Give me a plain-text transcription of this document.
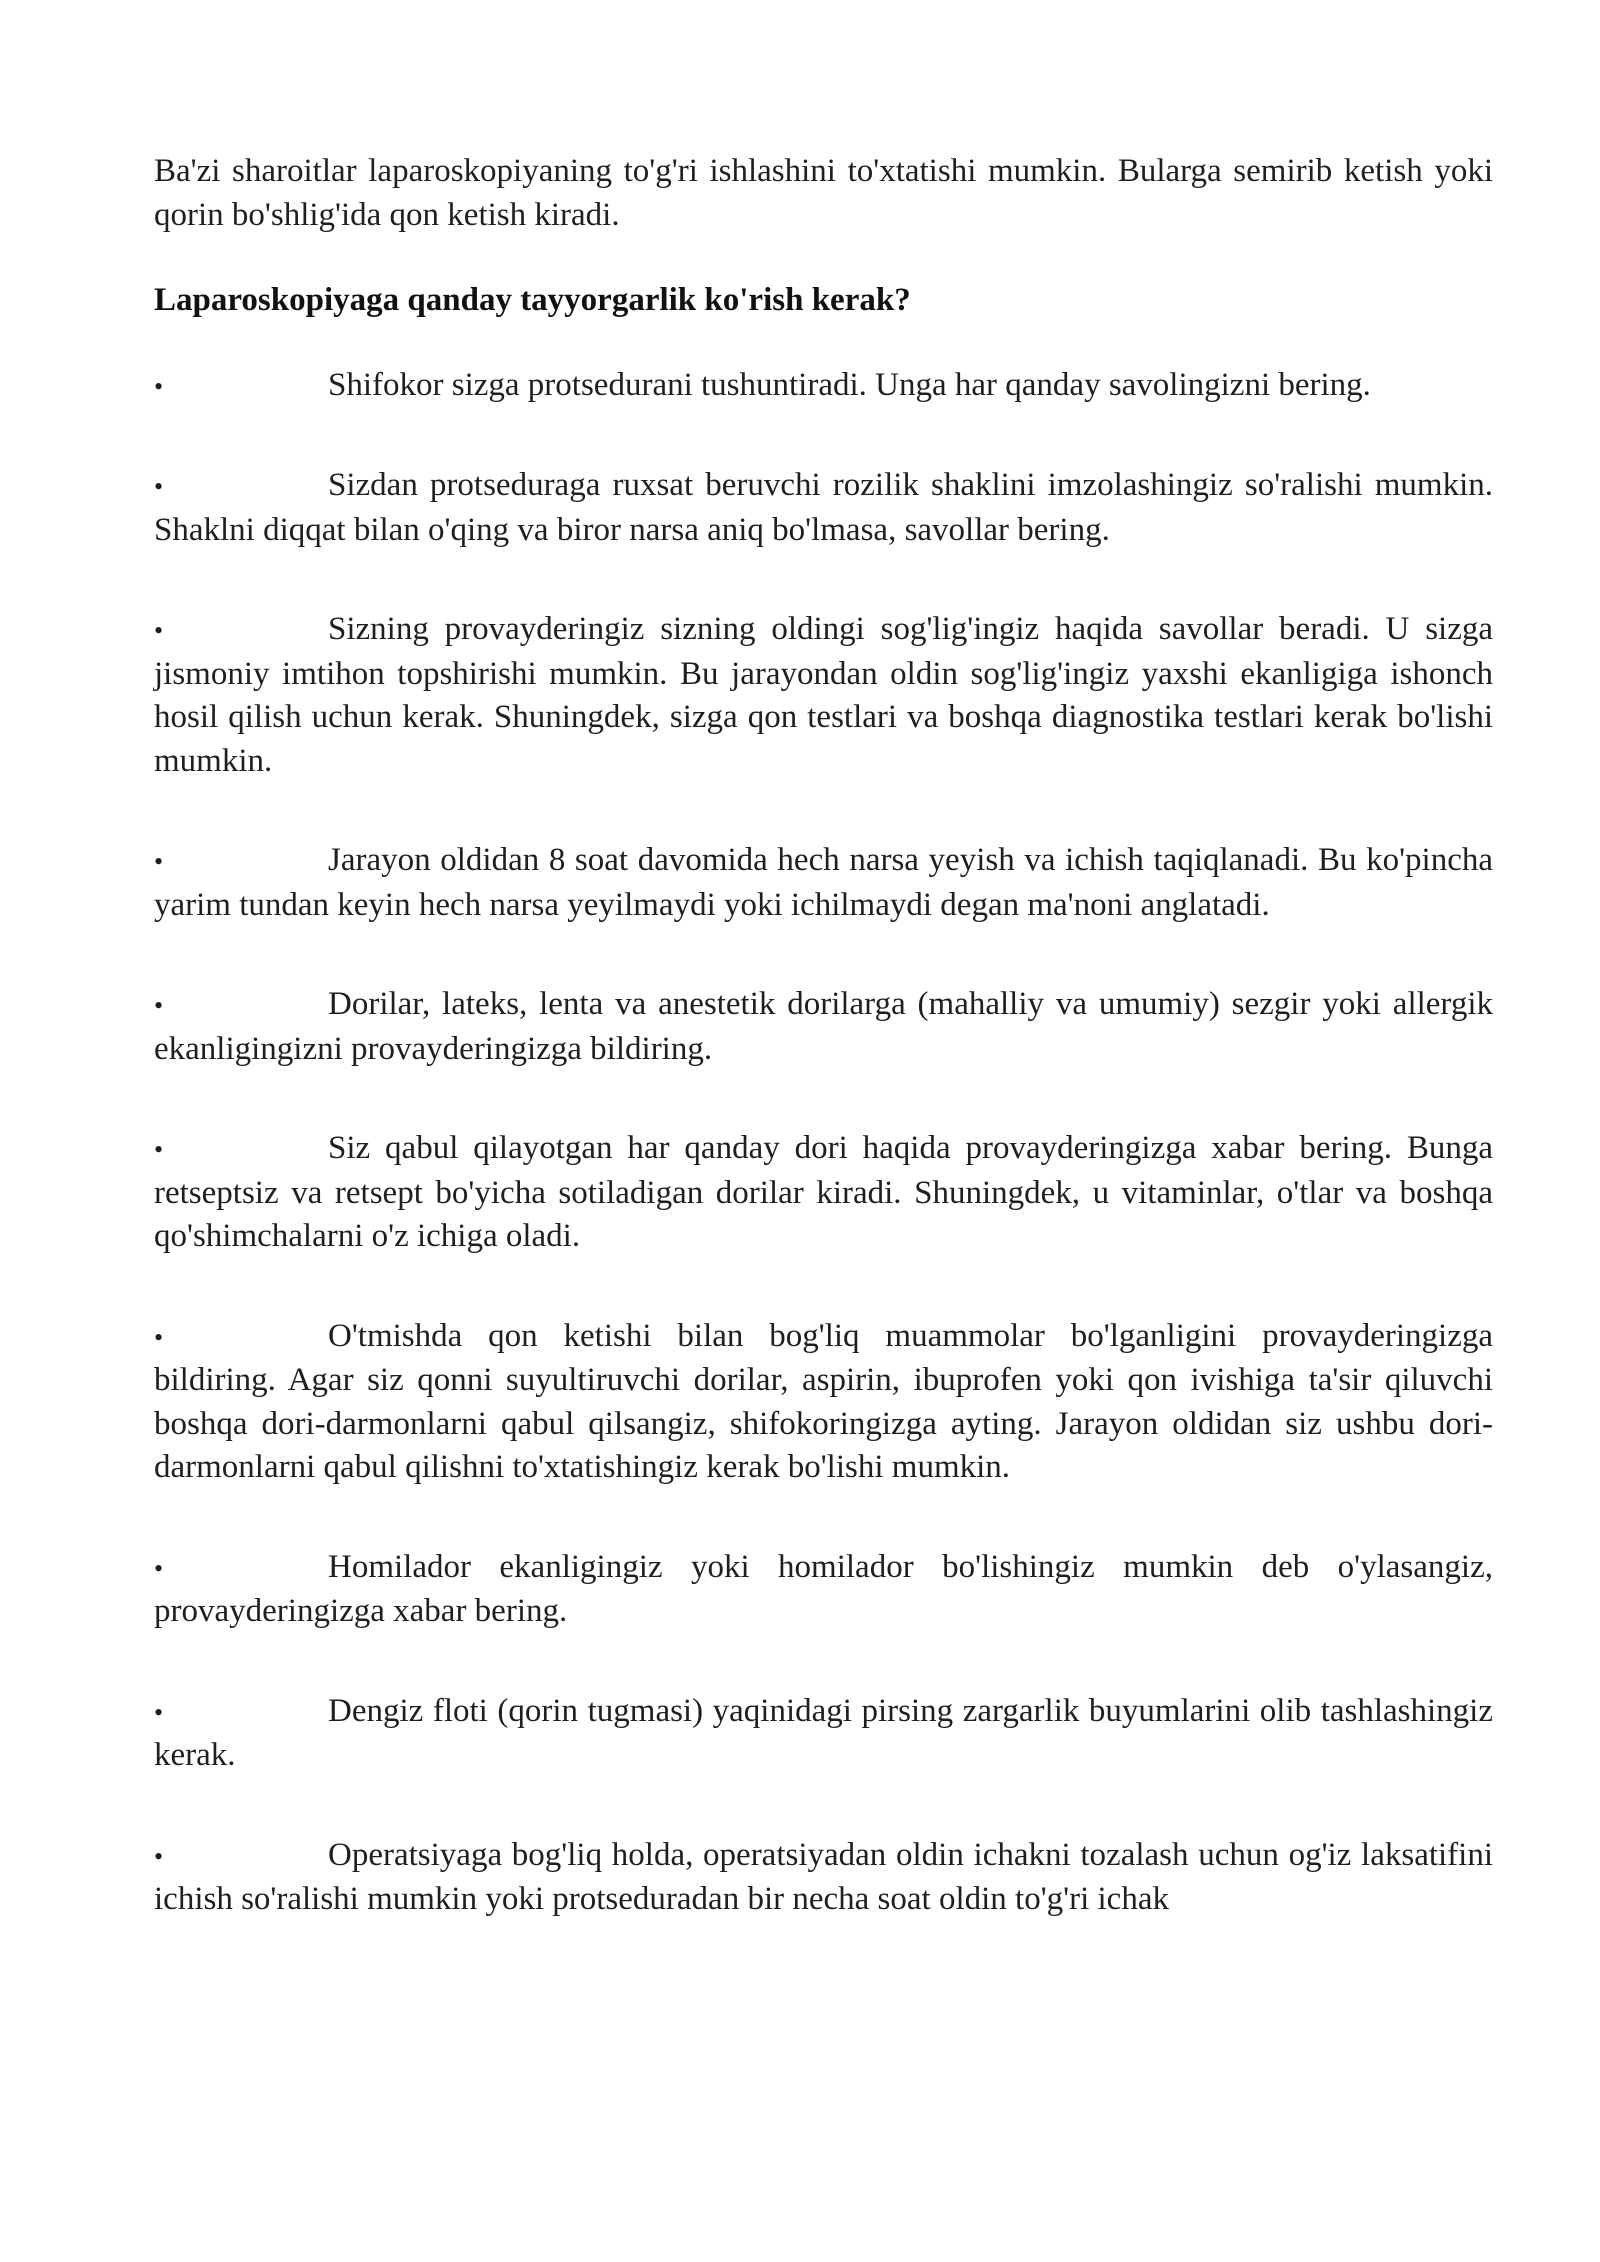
Ba'zi sharoitlar laparoskopiyaning to'g'ri ishlashini to'xtatishi mumkin. Bularga semirib ketish yoki qorin bo'shlig'ida qon ketish kiradi.

Laparoskopiyaga qanday tayyorgarlik ko'rish kerak?

•	Shifokor sizga protsedurani tushuntiradi. Unga har qanday savolingizni bering.
•	Sizdan protseduraga ruxsat beruvchi rozilik shaklini imzolashingiz so'ralishi mumkin. Shaklni diqqat bilan o'qing va biror narsa aniq bo'lmasa, savollar bering.
•	Sizning provayderingiz sizning oldingi sog'lig'ingiz haqida savollar beradi. U sizga jismoniy imtihon topshirishi mumkin. Bu jarayondan oldin sog'lig'ingiz yaxshi ekanligiga ishonch hosil qilish uchun kerak. Shuningdek, sizga qon testlari va boshqa diagnostika testlari kerak bo'lishi mumkin.
•	Jarayon oldidan 8 soat davomida hech narsa yeyish va ichish taqiqlanadi. Bu ko'pincha yarim tundan keyin hech narsa yeyilmaydi yoki ichilmaydi degan ma'noni anglatadi.
•	Dorilar, lateks, lenta va anestetik dorilarga (mahalliy va umumiy) sezgir yoki allergik ekanligingizni provayderingizga bildiring.
•	Siz qabul qilayotgan har qanday dori haqida provayderingizga xabar bering. Bunga retseptsiz va retsept bo'yicha sotiladigan dorilar kiradi. Shuningdek, u vitaminlar, o'tlar va boshqa qo'shimchalarni o'z ichiga oladi.
•	O'tmishda qon ketishi bilan bog'liq muammolar bo'lganligini provayderingizga bildiring. Agar siz qonni suyultiruvchi dorilar, aspirin, ibuprofen yoki qon ivishiga ta'sir qiluvchi boshqa dori-darmonlarni qabul qilsangiz, shifokoringizga ayting. Jarayon oldidan siz ushbu dori-darmonlarni qabul qilishni to'xtatishingiz kerak bo'lishi mumkin.
•	Homilador ekanligingiz yoki homilador bo'lishingiz mumkin deb o'ylasangiz, provayderingizga xabar bering.
•	Dengiz floti (qorin tugmasi) yaqinidagi pirsing zargarlik buyumlarini olib tashlashingiz kerak.
•	Operatsiyaga bog'liq holda, operatsiyadan oldin ichakni tozalash uchun og'iz laksatifini ichish so'ralishi mumkin yoki protseduradan bir necha soat oldin to'g'ri ichak
